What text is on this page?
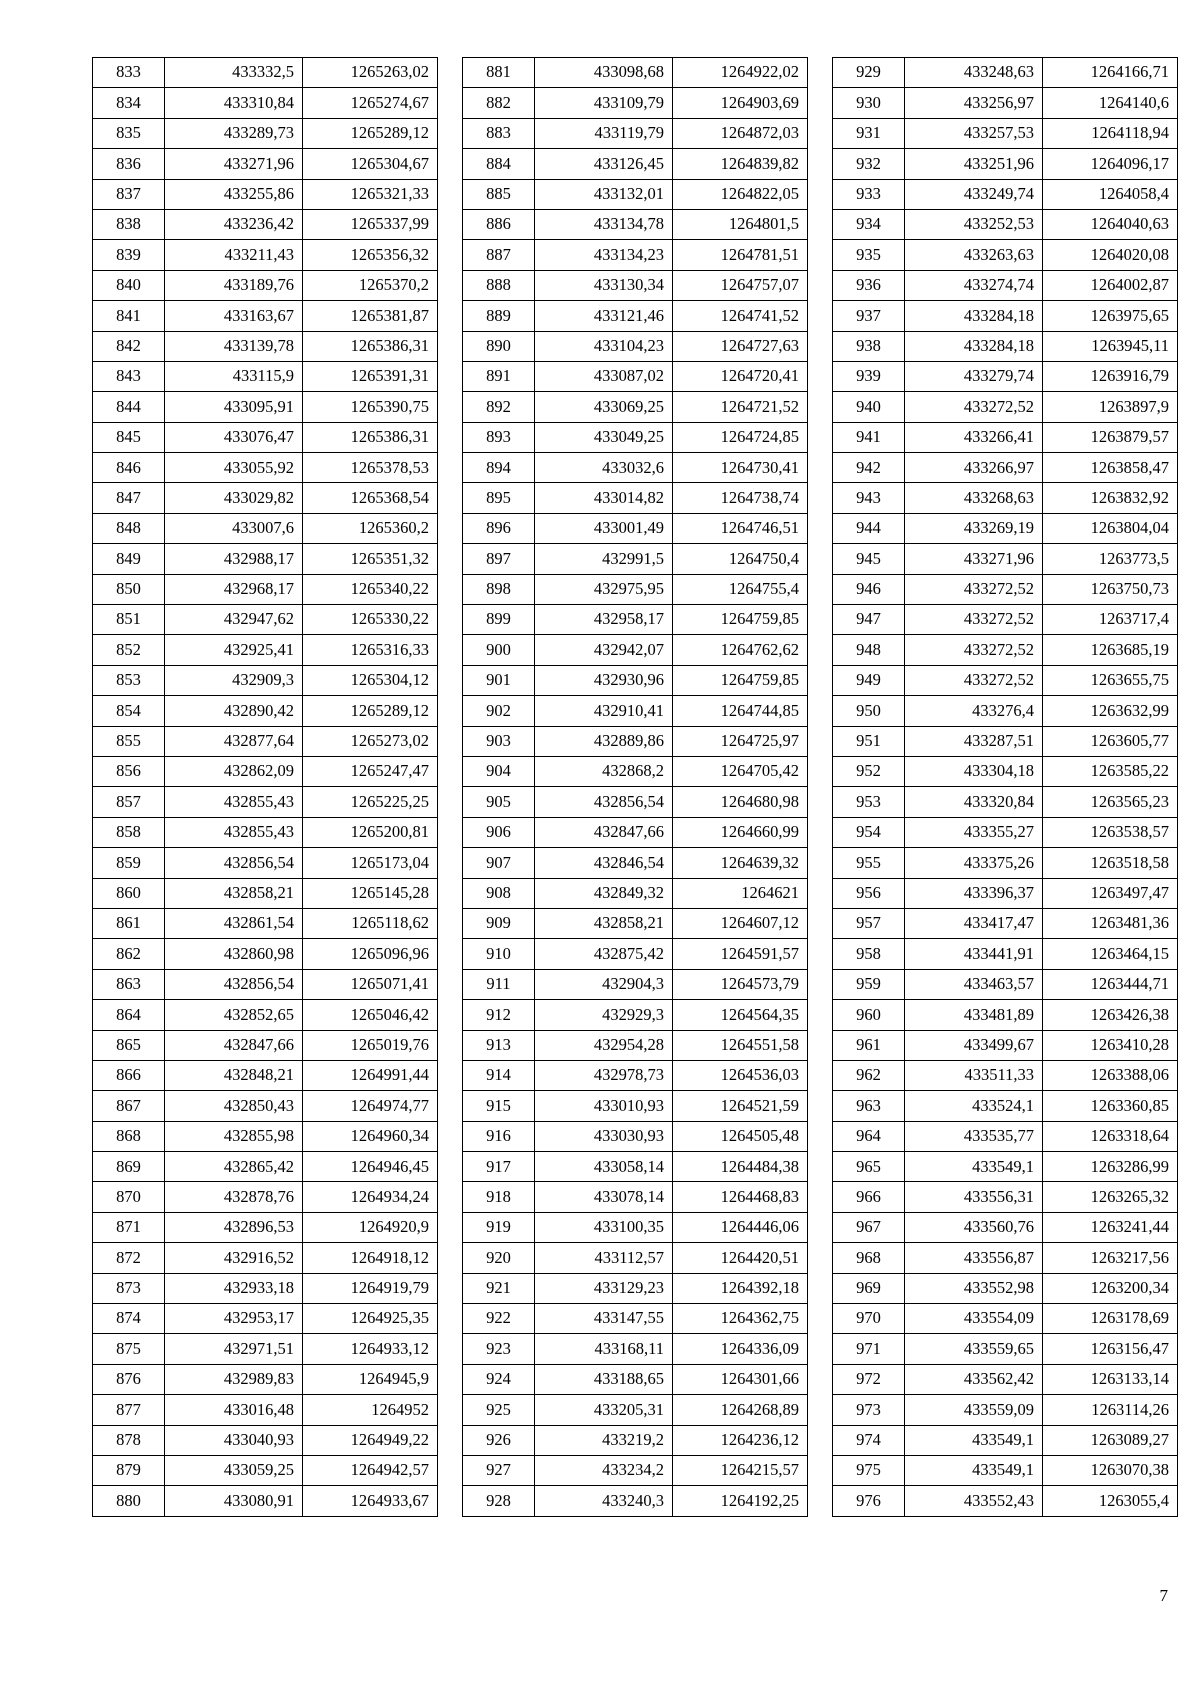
833	433332,5	1265263,02
834	433310,84	1265274,67
835	433289,73	1265289,12
836	433271,96	1265304,67
837	433255,86	1265321,33
838	433236,42	1265337,99
839	433211,43	1265356,32
840	433189,76	1265370,2
841	433163,67	1265381,87
842	433139,78	1265386,31
843	433115,9	1265391,31
844	433095,91	1265390,75
845	433076,47	1265386,31
846	433055,92	1265378,53
847	433029,82	1265368,54
848	433007,6	1265360,2
849	432988,17	1265351,32
850	432968,17	1265340,22
851	432947,62	1265330,22
852	432925,41	1265316,33
853	432909,3	1265304,12
854	432890,42	1265289,12
855	432877,64	1265273,02
856	432862,09	1265247,47
857	432855,43	1265225,25
858	432855,43	1265200,81
859	432856,54	1265173,04
860	432858,21	1265145,28
861	432861,54	1265118,62
862	432860,98	1265096,96
863	432856,54	1265071,41
864	432852,65	1265046,42
865	432847,66	1265019,76
866	432848,21	1264991,44
867	432850,43	1264974,77
868	432855,98	1264960,34
869	432865,42	1264946,45
870	432878,76	1264934,24
871	432896,53	1264920,9
872	432916,52	1264918,12
873	432933,18	1264919,79
874	432953,17	1264925,35
875	432971,51	1264933,12
876	432989,83	1264945,9
877	433016,48	1264952
878	433040,93	1264949,22
879	433059,25	1264942,57
880	433080,91	1264933,67
881	433098,68	1264922,02
882	433109,79	1264903,69
883	433119,79	1264872,03
884	433126,45	1264839,82
885	433132,01	1264822,05
886	433134,78	1264801,5
887	433134,23	1264781,51
888	433130,34	1264757,07
889	433121,46	1264741,52
890	433104,23	1264727,63
891	433087,02	1264720,41
892	433069,25	1264721,52
893	433049,25	1264724,85
894	433032,6	1264730,41
895	433014,82	1264738,74
896	433001,49	1264746,51
897	432991,5	1264750,4
898	432975,95	1264755,4
899	432958,17	1264759,85
900	432942,07	1264762,62
901	432930,96	1264759,85
902	432910,41	1264744,85
903	432889,86	1264725,97
904	432868,2	1264705,42
905	432856,54	1264680,98
906	432847,66	1264660,99
907	432846,54	1264639,32
908	432849,32	1264621
909	432858,21	1264607,12
910	432875,42	1264591,57
911	432904,3	1264573,79
912	432929,3	1264564,35
913	432954,28	1264551,58
914	432978,73	1264536,03
915	433010,93	1264521,59
916	433030,93	1264505,48
917	433058,14	1264484,38
918	433078,14	1264468,83
919	433100,35	1264446,06
920	433112,57	1264420,51
921	433129,23	1264392,18
922	433147,55	1264362,75
923	433168,11	1264336,09
924	433188,65	1264301,66
925	433205,31	1264268,89
926	433219,2	1264236,12
927	433234,2	1264215,57
928	433240,3	1264192,25
929	433248,63	1264166,71
930	433256,97	1264140,6
931	433257,53	1264118,94
932	433251,96	1264096,17
933	433249,74	1264058,4
934	433252,53	1264040,63
935	433263,63	1264020,08
936	433274,74	1264002,87
937	433284,18	1263975,65
938	433284,18	1263945,11
939	433279,74	1263916,79
940	433272,52	1263897,9
941	433266,41	1263879,57
942	433266,97	1263858,47
943	433268,63	1263832,92
944	433269,19	1263804,04
945	433271,96	1263773,5
946	433272,52	1263750,73
947	433272,52	1263717,4
948	433272,52	1263685,19
949	433272,52	1263655,75
950	433276,4	1263632,99
951	433287,51	1263605,77
952	433304,18	1263585,22
953	433320,84	1263565,23
954	433355,27	1263538,57
955	433375,26	1263518,58
956	433396,37	1263497,47
957	433417,47	1263481,36
958	433441,91	1263464,15
959	433463,57	1263444,71
960	433481,89	1263426,38
961	433499,67	1263410,28
962	433511,33	1263388,06
963	433524,1	1263360,85
964	433535,77	1263318,64
965	433549,1	1263286,99
966	433556,31	1263265,32
967	433560,76	1263241,44
968	433556,87	1263217,56
969	433552,98	1263200,34
970	433554,09	1263178,69
971	433559,65	1263156,47
972	433562,42	1263133,14
973	433559,09	1263114,26
974	433549,1	1263089,27
975	433549,1	1263070,38
976	433552,43	1263055,4
7
